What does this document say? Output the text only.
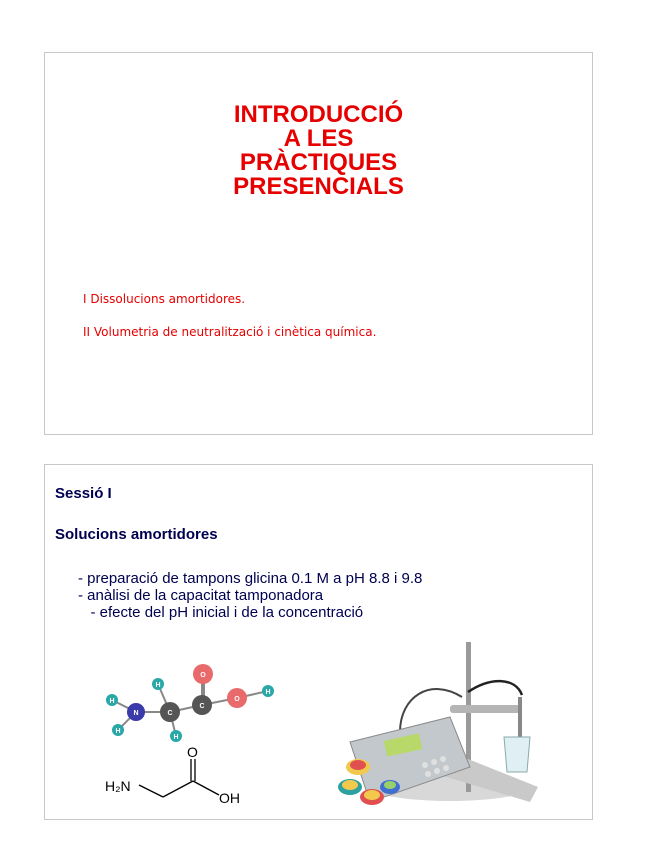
INTRODUCCIÓ
A LES
PRÀCTIQUES
PRESENCIALS
I Dissolucions amortidores.
II Volumetria de neutralització i cinètica química.
Sessió I
Solucions amortidores
- preparació de tampons glicina 0.1 M a pH 8.8 i 9.8
- anàlisi de la capacitat tamponadora
- efecte del pH inicial i de la concentració
H
H
N
H
C
H
C
O
O
H
H₂N
O
OH
